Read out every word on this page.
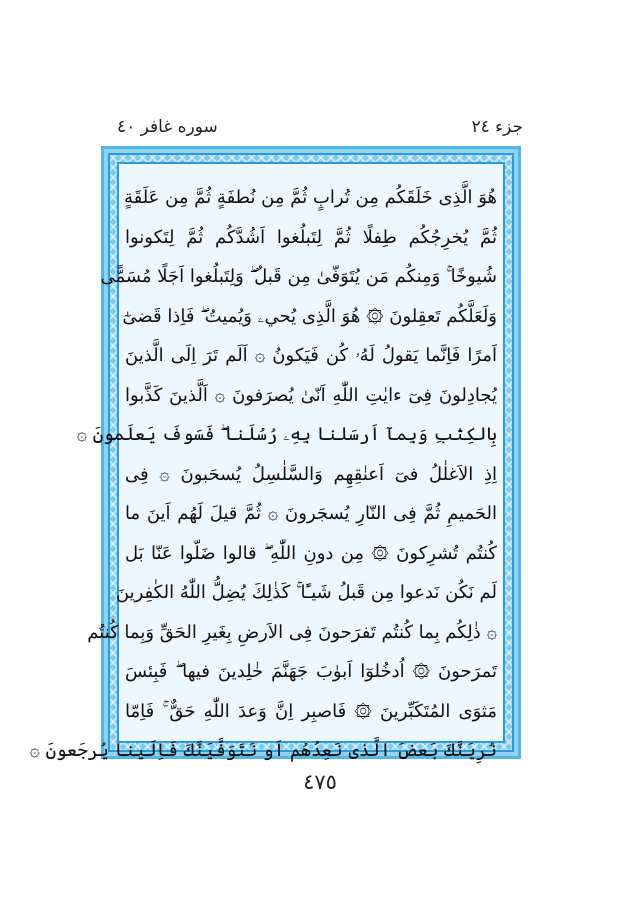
جزء ٢٤
سوره غافر ٤٠
هُوَ الَّذِى خَلَقَكُم مِن تُرابٍ ثُمَّ مِن نُطفَةٍ ثُمَّ مِن عَلَقَةٍ
ثُمَّ يُخرِجُكُم طِفلًا ثُمَّ لِتَبلُغوا اَشُدَّكُم ثُمَّ لِتَكونوا
شُيوخًا ۚ وَمِنكُم مَن يُتَوَفّىٰ مِن قَبلُ ۖ وَلِتَبلُغوا اَجَلًا مُسَمًّى
وَلَعَلَّكُم تَعقِلونَ ۞ هُوَ الَّذِى يُحيۦ وَيُميتُ ۖ فَاِذا قَضىٰٓ
اَمرًا فَاِنَّما يَقولُ لَهُۥ كُن فَيَكونُ ۞ اَلَم تَرَ اِلَى الَّذينَ
يُجادِلونَ فِىٓ ءايٰتِ اللّٰهِ اَنّىٰ يُصرَفونَ ۞ اَلَّذينَ كَذَّبوا
بِالكِتٰبِ وَبِمآ اَرسَلنا بِهِۦ رُسُلَنا ۖ فَسَوفَ يَعلَمونَ ۞
اِذِ الاَغلٰلُ فىٓ اَعنٰقِهِم وَالسَّلٰسِلُ يُسحَبونَ ۞ فِى
الحَميمِ ثُمَّ فِى النّارِ يُسجَرونَ ۞ ثُمَّ قيلَ لَهُم اَينَ ما
كُنتُم تُشرِكونَ ۞ مِن دونِ اللّٰهِ ۖ قالوا ضَلّوا عَنّا بَل
لَم نَكُن نَدعوا مِن قَبلُ شَيـًٔا ۚ كَذٰلِكَ يُضِلُّ اللّٰهُ الكٰفِرينَ
۞ ذٰلِكُم بِما كُنتُم تَفرَحونَ فِى الاَرضِ بِغَيرِ الحَقِّ وَبِما كُنتُم
تَمرَحونَ ۞ اُدخُلوٓا اَبوٰبَ جَهَنَّمَ خٰلِدينَ فيها ۖ فَبِئسَ
مَثوَى المُتَكَبِّرينَ ۞ فَاصبِر اِنَّ وَعدَ اللّٰهِ حَقٌّ ۚ فَاِمّا
نُرِيَنَّكَ بَعضَ الَّذى نَعِدُهُم اَو نَتَوَفَّيَنَّكَ فَاِلَينا يُرجَعونَ ۞
٤٧٥
